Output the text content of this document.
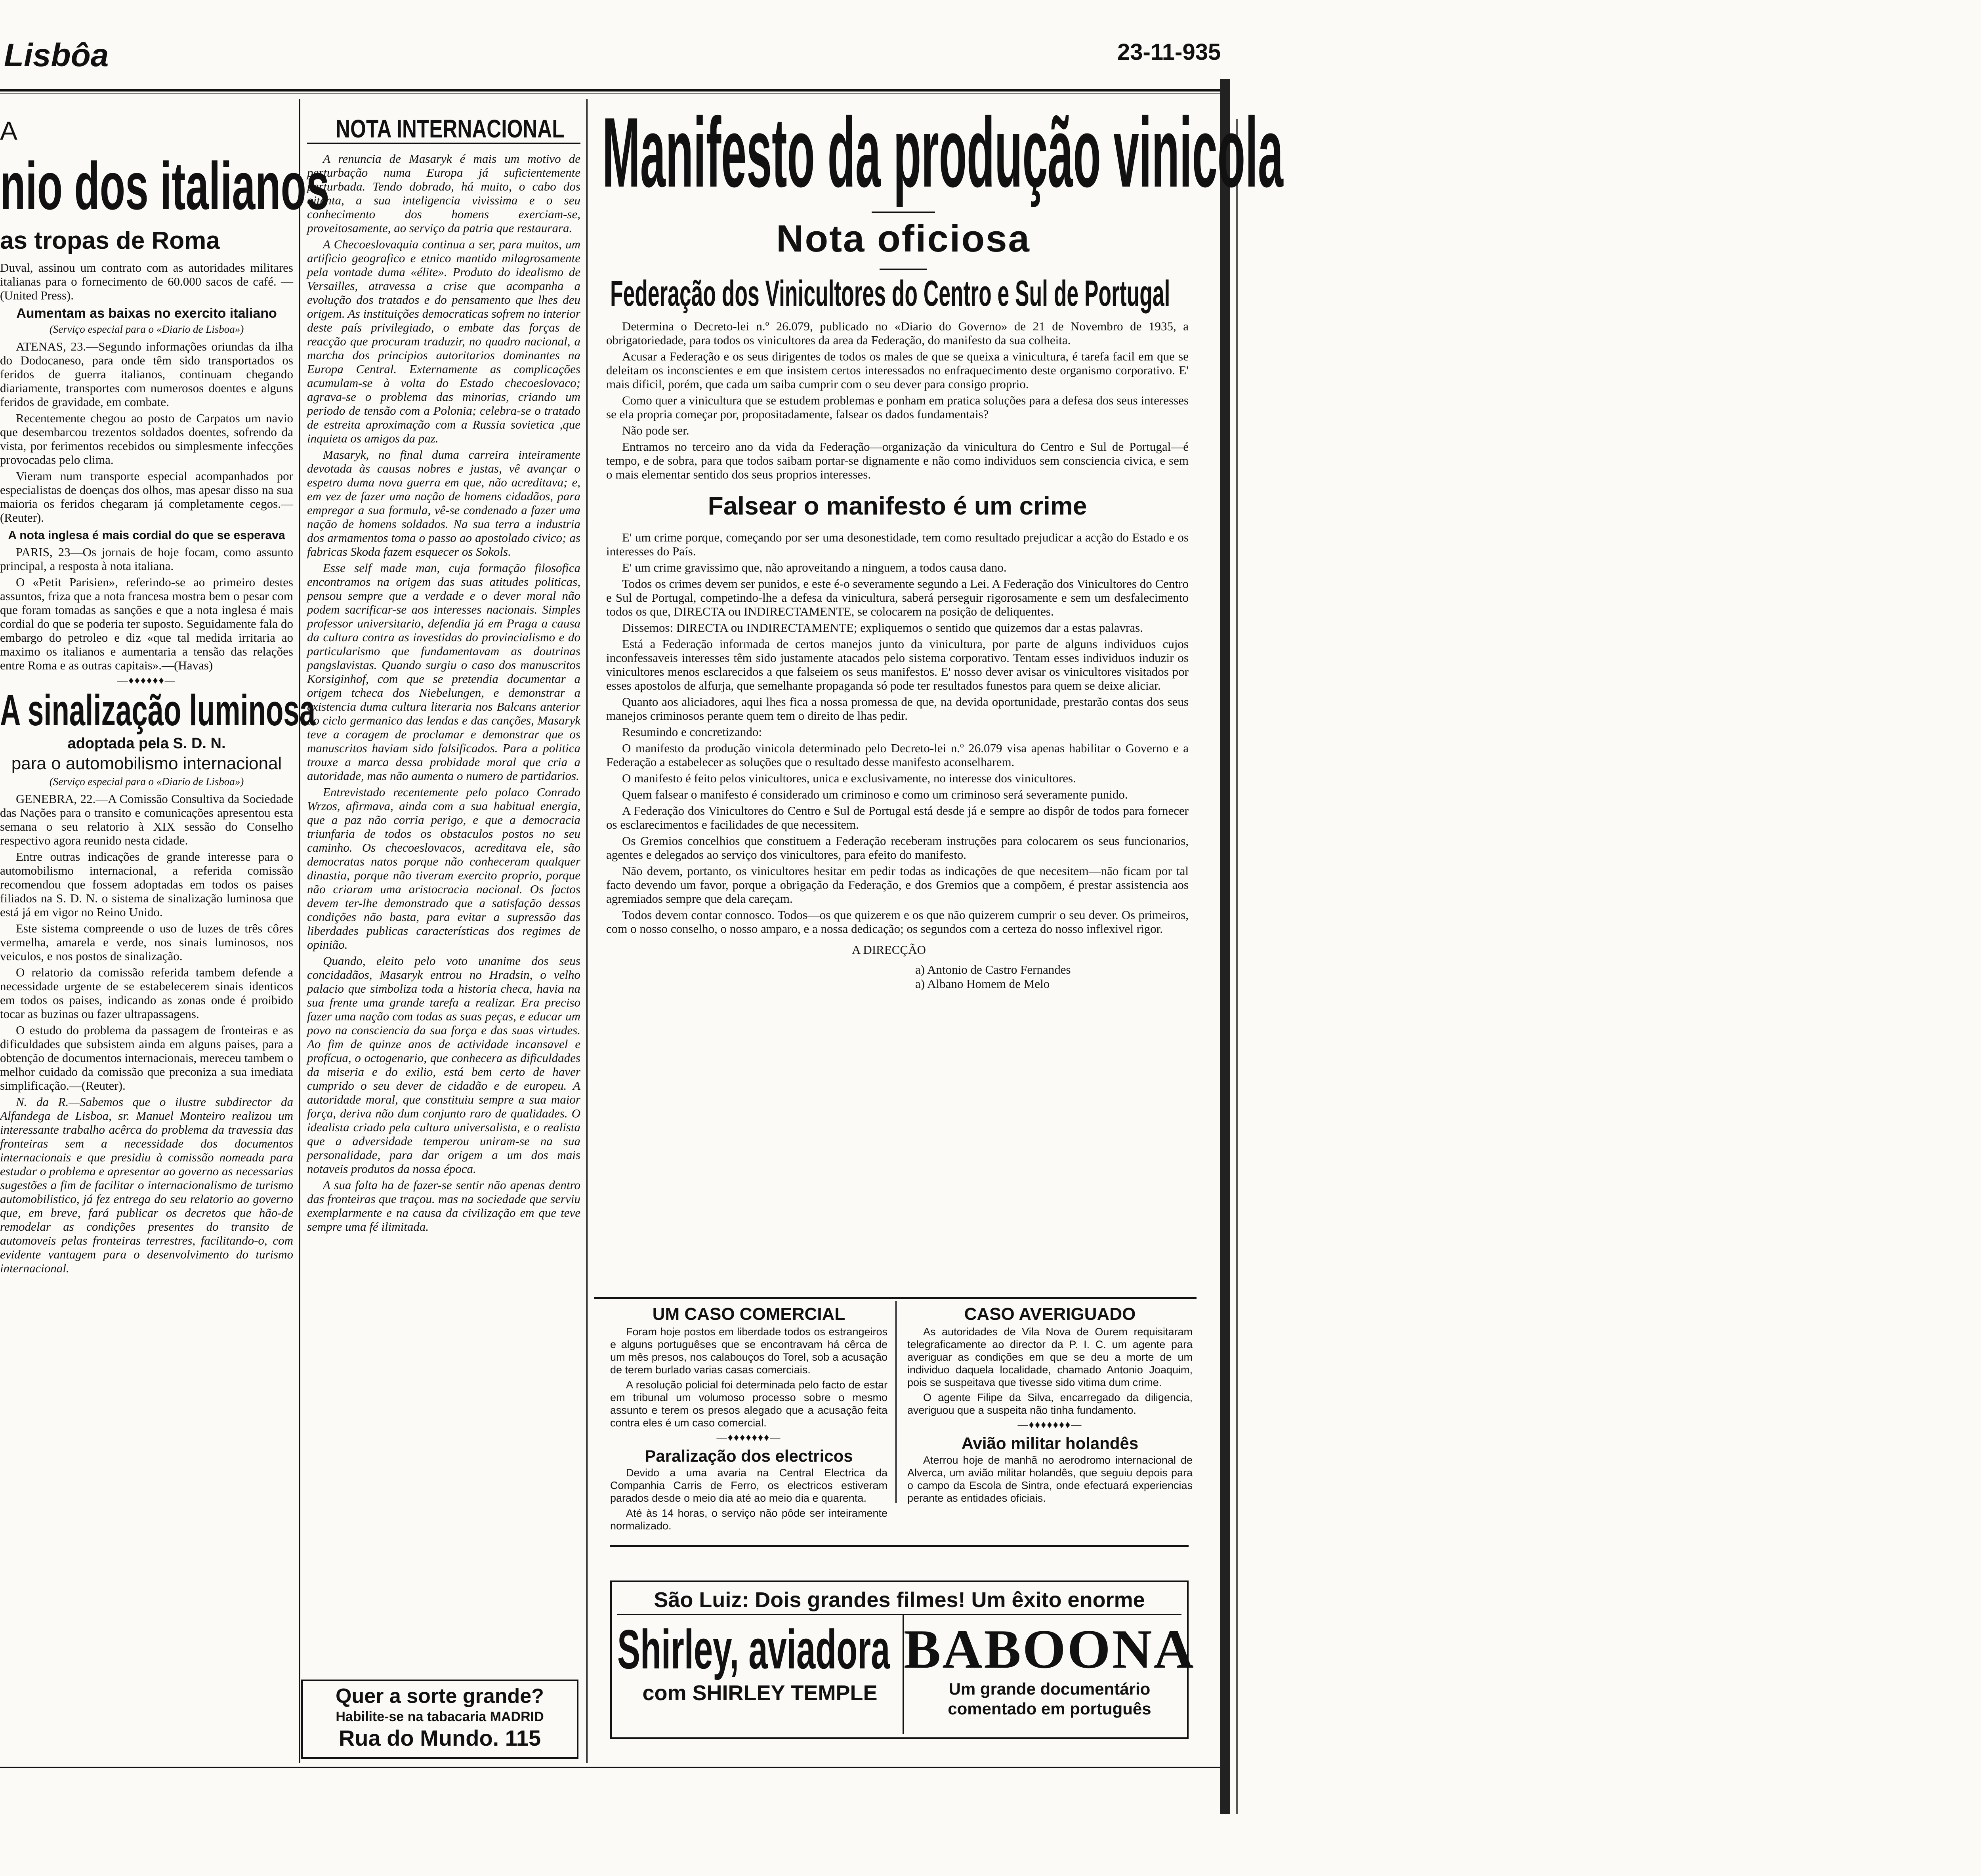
Lisbôa	23-11-935
A
nio dos italianos
as tropas de Roma

Duval, assinou um contrato com as autoridades militares italianas para o fornecimento de 60.000 sacos de café. —(United Press).

Aumentam as baixas no exercito italiano
(Serviço especial para o «Diario de Lisboa»)

ATENAS, 23.—Segundo informações oriundas da ilha do Dodocaneso, para onde têm sido transportados os feridos de guerra italianos, continuam chegando diariamente, transportes com numerosos doentes e alguns feridos de gravidade, em combate.

Recentemente chegou ao posto de Carpatos um navio que desembarcou trezentos soldados doentes, sofrendo da vista, por ferimentos recebidos ou simplesmente infecções provocadas pelo clima.

Vieram num transporte especial acompanhados por especialistas de doenças dos olhos, mas apesar disso na sua maioria os feridos chegaram já completamente cegos.—(Reuter).

A nota inglesa é mais cordial do que se esperava

PARIS, 23—Os jornais de hoje focam, como assunto principal, a resposta à nota italiana.

O «Petit Parisien», referindo-se ao primeiro destes assuntos, friza que a nota francesa mostra bem o pesar com que foram tomadas as sanções e que a nota inglesa é mais cordial do que se poderia ter suposto. Seguidamente fala do embargo do petroleo e diz «que tal medida irritaria ao maximo os italianos e aumentaria a tensão das relações entre Roma e as outras capitais».—(Havas)

—♦♦♦♦♦♦—
A sinalização luminosa
adoptada pela S. D. N.
para o automobilismo internacional
(Serviço especial para o «Diario de Lisboa»)

GENEBRA, 22.—A Comissão Consultiva da Sociedade das Nações para o transito e comunicações apresentou esta semana o seu relatorio à XIX sessão do Conselho respectivo agora reunido nesta cidade.

Entre outras indicações de grande interesse para o automobilismo internacional, a referida comissão recomendou que fossem adoptadas em todos os paises filiados na S. D. N. o sistema de sinalização luminosa que está já em vigor no Reino Unido.

Este sistema compreende o uso de luzes de três côres vermelha, amarela e verde, nos sinais luminosos, nos veiculos, e nos postos de sinalização.

O relatorio da comissão referida tambem defende a necessidade urgente de se estabelecerem sinais identicos em todos os paises, indicando as zonas onde é proibido tocar as buzinas ou fazer ultrapassagens.

O estudo do problema da passagem de fronteiras e as dificuldades que subsistem ainda em alguns paises, para a obtenção de documentos internacionais, mereceu tambem o melhor cuidado da comissão que preconiza a sua imediata simplificação.—(Reuter).

N. da R.—Sabemos que o ilustre subdirector da Alfandega de Lisboa, sr. Manuel Monteiro realizou um interessante trabalho acêrca do problema da travessia das fronteiras sem a necessidade dos documentos internacionais e que presidiu à comissão nomeada para estudar o problema e apresentar ao governo as necessarias sugestões a fim de facilitar o internacionalismo de turismo automobilistico, já fez entrega do seu relatorio ao governo que, em breve, fará publicar os decretos que hão-de remodelar as condições presentes do transito de automoveis pelas fronteiras terrestres, facilitando-o, com evidente vantagem para o desenvolvimento do turismo internacional.

NOTA INTERNACIONAL

A renuncia de Masaryk é mais um motivo de perturbação numa Europa já suficientemente perturbada. Tendo dobrado, há muito, o cabo dos oitenta, a sua inteligencia vivissima e o seu conhecimento dos homens exerciam-se, proveitosamente, ao serviço da patria que restaurara.

A Checoeslovaquia continua a ser, para muitos, um artificio geografico e etnico mantido milagrosamente pela vontade duma «élite». Produto do idealismo de Versailles, atravessa a crise que acompanha a evolução dos tratados e do pensamento que lhes deu origem. As instituições democraticas sofrem no interior deste país privilegiado, o embate das forças de reacção que procuram traduzir, no quadro nacional, a marcha dos principios autoritarios dominantes na Europa Central. Externamente as complicações acumulam-se à volta do Estado checoeslovaco; agrava-se o problema das minorias, criando um periodo de tensão com a Polonia; celebra-se o tratado de estreita aproximação com a Russia sovietica ,que inquieta os amigos da paz.

Masaryk, no final duma carreira inteiramente devotada às causas nobres e justas, vê avançar o espetro duma nova guerra em que, não acreditava; e, em vez de fazer uma nação de homens cidadãos, para empregar a sua formula, vê-se condenado a fazer uma nação de homens soldados. Na sua terra a industria dos armamentos toma o passo ao apostolado civico; as fabricas Skoda fazem esquecer os Sokols.

Esse self made man, cuja formação filosofica encontramos na origem das suas atitudes politicas, pensou sempre que a verdade e o dever moral não podem sacrificar-se aos interesses nacionais. Simples professor universitario, defendia já em Praga a causa da cultura contra as investidas do provincialismo e do particularismo que fundamentavam as doutrinas pangslavistas. Quando surgiu o caso dos manuscritos Korsiginhof, com que se pretendia documentar a origem tcheca dos Niebelungen, e demonstrar a existencia duma cultura literaria nos Balcans anterior ao ciclo germanico das lendas e das canções, Masaryk teve a coragem de proclamar e demonstrar que os manuscritos haviam sido falsificados. Para a politica trouxe a marca dessa probidade moral que cria a autoridade, mas não aumenta o numero de partidarios.

Entrevistado recentemente pelo polaco Conrado Wrzos, afirmava, ainda com a sua habitual energia, que a paz não corria perigo, e que a democracia triunfaria de todos os obstaculos postos no seu caminho. Os checoeslovacos, acreditava ele, são democratas natos porque não conheceram qualquer dinastia, porque não tiveram exercito proprio, porque não criaram uma aristocracia nacional. Os factos devem ter-lhe demonstrado que a satisfação dessas condições não basta, para evitar a supressão das liberdades publicas características dos regimes de opinião.

Quando, eleito pelo voto unanime dos seus concidadãos, Masaryk entrou no Hradsin, o velho palacio que simboliza toda a historia checa, havia na sua frente uma grande tarefa a realizar. Era preciso fazer uma nação com todas as suas peças, e educar um povo na consciencia da sua força e das suas virtudes. Ao fim de quinze anos de actividade incansavel e profícua, o octogenario, que conhecera as dificuldades da miseria e do exilio, está bem certo de haver cumprido o seu dever de cidadão e de europeu. A autoridade moral, que constituiu sempre a sua maior força, deriva não dum conjunto raro de qualidades. O idealista criado pela cultura universalista, e o realista que a adversidade temperou uniram-se na sua personalidade, para dar origem a um dos mais notaveis produtos da nossa época.

A sua falta ha de fazer-se sentir não apenas dentro das fronteiras que traçou. mas na sociedade que serviu exemplarmente e na causa da civilização em que teve sempre uma fé ilimitada.

Quer a sorte grande?
Habilite-se na tabacaria MADRID
Rua do Mundo. 115
Manifesto da produção vinicola
Nota oficiosa
Federação dos Vinicultores do Centro e Sul de Portugal

Determina o Decreto-lei n.º 26.079, publicado no «Diario do Governo» de 21 de Novembro de 1935, a obrigatoriedade, para todos os vinicultores da area da Federação, do manifesto da sua colheita.

Acusar a Federação e os seus dirigentes de todos os males de que se queixa a vinicultura, é tarefa facil em que se deleitam os inconscientes e em que insistem certos interessados no enfraquecimento deste organismo corporativo. E' mais dificil, porém, que cada um saiba cumprir com o seu dever para consigo proprio.

Como quer a vinicultura que se estudem problemas e ponham em pratica soluções para a defesa dos seus interesses se ela propria começar por, propositadamente, falsear os dados fundamentais?

Não pode ser.

Entramos no terceiro ano da vida da Federação—organização da vinicultura do Centro e Sul de Portugal—é tempo, e de sobra, para que todos saibam portar-se dignamente e não como individuos sem consciencia civica, e sem o mais elementar sentido dos seus proprios interesses.

Falsear o manifesto é um crime

E' um crime porque, começando por ser uma desonestidade, tem como resultado prejudicar a acção do Estado e os interesses do País.

E' um crime gravissimo que, não aproveitando a ninguem, a todos causa dano.

Todos os crimes devem ser punidos, e este é-o severamente segundo a Lei. A Federação dos Vinicultores do Centro e Sul de Portugal, competindo-lhe a defesa da vinicultura, saberá perseguir rigorosamente e sem um desfalecimento todos os que, DIRECTA ou INDIRECTAMENTE, se colocarem na posição de deliquentes.

Dissemos: DIRECTA ou INDIRECTAMENTE; expliquemos o sentido que quizemos dar a estas palavras.

Está a Federação informada de certos manejos junto da vinicultura, por parte de alguns individuos cujos inconfessaveis interesses têm sido justamente atacados pelo sistema corporativo. Tentam esses individuos induzir os vinicultores menos esclarecidos a que falseiem os seus manifestos. E' nosso dever avisar os vinicultores visitados por esses apostolos de alfurja, que semelhante propaganda só pode ter resultados funestos para quem se deixe aliciar.

Quanto aos aliciadores, aqui lhes fica a nossa promessa de que, na devida oportunidade, prestarão contas dos seus manejos criminosos perante quem tem o direito de lhas pedir.

Resumindo e concretizando:

O manifesto da produção vinicola determinado pelo Decreto-lei n.º 26.079 visa apenas habilitar o Governo e a Federação a estabelecer as soluções que o resultado desse manifesto aconselharem.

O manifesto é feito pelos vinicultores, unica e exclusivamente, no interesse dos vinicultores.

Quem falsear o manifesto é considerado um criminoso e como um criminoso será severamente punido.

A Federação dos Vinicultores do Centro e Sul de Portugal está desde já e sempre ao dispôr de todos para fornecer os esclarecimentos e facilidades de que necessitem.

Os Gremios concelhios que constituem a Federação receberam instruções para colocarem os seus funcionarios, agentes e delegados ao serviço dos vinicultores, para efeito do manifesto.

Não devem, portanto, os vinicultores hesitar em pedir todas as indicações de que necesitem—não ficam por tal facto devendo um favor, porque a obrigação da Federação, e dos Gremios que a compõem, é prestar assistencia aos agremiados sempre que dela careçam.

Todos devem contar connosco. Todos—os que quizerem e os que não quizerem cumprir o seu dever. Os primeiros, com o nosso conselho, o nosso amparo, e a nossa dedicação; os segundos com a certeza do nosso inflexivel rigor.

A DIRECÇÃO
a) Antonio de Castro Fernandes
a) Albano Homem de Melo
UM CASO COMERCIAL

Foram hoje postos em liberdade todos os estrangeiros e alguns portuguêses que se encontravam há cêrca de um mês presos, nos calabouços do Torel, sob a acusação de terem burlado varias casas comerciais.

A resolução policial foi determinada pelo facto de estar em tribunal um volumoso processo sobre o mesmo assunto e terem os presos alegado que a acusação feita contra eles é um caso comercial.

—♦♦♦♦♦♦♦—
Paralização dos electricos

Devido a uma avaria na Central Electrica da Companhia Carris de Ferro, os electricos estiveram parados desde o meio dia até ao meio dia e quarenta.

Até às 14 horas, o serviço não pôde ser inteiramente normalizado.

CASO AVERIGUADO

As autoridades de Vila Nova de Ourem requisitaram telegraficamente ao director da P. I. C. um agente para averiguar as condições em que se deu a morte de um individuo daquela localidade, chamado Antonio Joaquim, pois se suspeitava que tivesse sido vitima dum crime.

O agente Filipe da Silva, encarregado da diligencia, averiguou que a suspeita não tinha fundamento.

—♦♦♦♦♦♦♦—
Avião militar holandês

Aterrou hoje de manhã no aerodromo internacional de Alverca, um avião militar holandês, que seguiu depois para o campo da Escola de Sintra, onde efectuará experiencias perante as entidades oficiais.

São Luiz: Dois grandes filmes! Um êxito enorme
Shirley, aviadora
com SHIRLEY TEMPLE
BABOONA
Um grande documentário
comentado em português
